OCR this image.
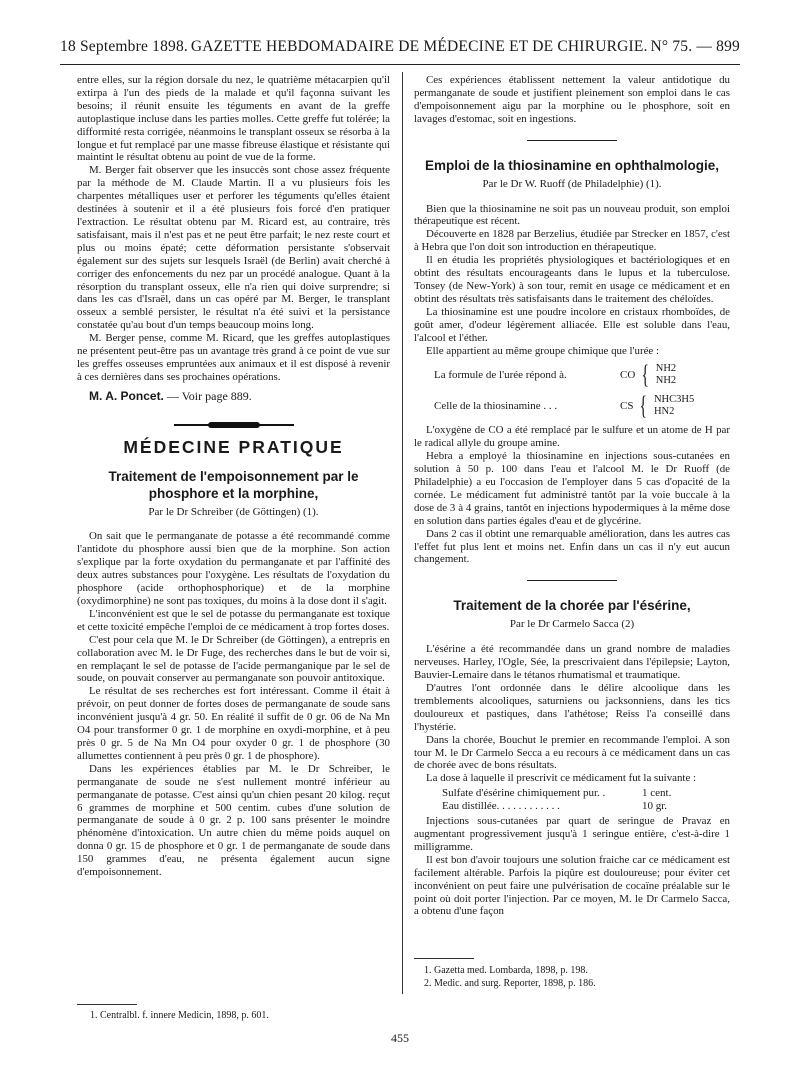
18 Septembre 1898. GAZETTE HEBDOMADAIRE DE MÉDECINE ET DE CHIRURGIE. N° 75. — 899

entre elles, sur la région dorsale du nez, le quatrième métacarpien qu'il extirpa à l'un des pieds de la malade et qu'il façonna suivant les besoins; il réunit ensuite les téguments en avant de la greffe autoplastique incluse dans les parties molles. Cette greffe fut tolérée; la difformité resta corrigée, néanmoins le transplant osseux se résorba à la longue et fut remplacé par une masse fibreuse élastique et résistante qui maintint le résultat obtenu au point de vue de la forme.

M. Berger fait observer que les insuccès sont chose assez fréquente par la méthode de M. Claude Martin. Il a vu plusieurs fois les charpentes métalliques user et perforer les téguments qu'elles étaient destinées à soutenir et il a été plusieurs fois forcé d'en pratiquer l'extraction. Le résultat obtenu par M. Ricard est, au contraire, très satisfaisant, mais il n'est pas et ne peut être parfait; le nez reste court et plus ou moins épaté; cette déformation persistante s'observait également sur des sujets sur lesquels Israël (de Berlin) avait cherché à corriger des enfoncements du nez par un procédé analogue. Quant à la résorption du transplant osseux, elle n'a rien qui doive surprendre; si dans les cas d'Israël, dans un cas opéré par M. Berger, le transplant osseux a semblé persister, le résultat n'a été suivi et la persistance constatée qu'au bout d'un temps beaucoup moins long.

M. Berger pense, comme M. Ricard, que les greffes autoplastiques ne présentent peut-être pas un avantage très grand à ce point de vue sur les greffes osseuses empruntées aux animaux et il est disposé à revenir à ces dernières dans ses prochaines opérations.

M. A. Poncet. — Voir page 889.
MÉDECINE PRATIQUE
Traitement de l'empoisonnement par le phosphore et la morphine,
Par le Dr Schreiber (de Göttingen) (1).

On sait que le permanganate de potasse a été recommandé comme l'antidote du phosphore aussi bien que de la morphine. Son action s'explique par la forte oxydation du permanganate et par l'affinité des deux autres substances pour l'oxygène. Les résultats de l'oxydation du phosphore (acide orthophosphorique) et de la morphine (oxydimorphine) ne sont pas toxiques, du moins à la dose dont il s'agit.

L'inconvénient est que le sel de potasse du permanganate est toxique et cette toxicité empêche l'emploi de ce médicament à trop fortes doses.

C'est pour cela que M. le Dr Schreiber (de Göttingen), a entrepris en collaboration avec M. le Dr Fuge, des recherches dans le but de voir si, en remplaçant le sel de potasse de l'acide permanganique par le sel de soude, on pouvait conserver au permanganate son pouvoir antitoxique.

Le résultat de ses recherches est fort intéressant. Comme il était à prévoir, on peut donner de fortes doses de permanganate de soude sans inconvénient jusqu'à 4 gr. 50. En réalité il suffit de 0 gr. 06 de Na Mn O4 pour transformer 0 gr. 1 de morphine en oxydi-morphine, et à peu près 0 gr. 5 de Na Mn O4 pour oxyder 0 gr. 1 de phosphore (30 allumettes contiennent à peu près 0 gr. 1 de phosphore).

Dans les expériences établies par M. le Dr Schreiber, le permanganate de soude ne s'est nullement montré inférieur au permanganate de potasse. C'est ainsi qu'un chien pesant 20 kilog. reçut 6 grammes de morphine et 500 centim. cubes d'une solution de permanganate de soude à 0 gr. 2 p. 100 sans présenter le moindre phénomène d'intoxication. Un autre chien du même poids auquel on donna 0 gr. 15 de phosphore et 0 gr. 1 de permanganate de soude dans 150 grammes d'eau, ne présenta également aucun signe d'empoisonnement.

1. Centralbl. f. innere Medicin, 1898, p. 601.

Ces expériences établissent nettement la valeur antidotique du permanganate de soude et justifient pleinement son emploi dans le cas d'empoisonnement aigu par la morphine ou le phosphore, soit en lavages d'estomac, soit en ingestions.

Emploi de la thiosinamine en ophthalmologie,
Par le Dr W. Ruoff (de Philadelphie) (1).

Bien que la thiosinamine ne soit pas un nouveau produit, son emploi thérapeutique est récent.

Découverte en 1828 par Berzelius, étudiée par Strecker en 1857, c'est à Hebra que l'on doit son introduction en thérapeutique.

Il en étudia les propriétés physiologiques et bactériologiques et en obtint des résultats encourageants dans le lupus et la tuberculose. Tonsey (de New-York) à son tour, remit en usage ce médicament et en obtint des résultats très satisfaisants dans le traitement des chéloïdes.

La thiosinamine est une poudre incolore en cristaux rhomboïdes, de goût amer, d'odeur légèrement alliacée. Elle est soluble dans l'eau, l'alcool et l'éther.

Elle appartient au même groupe chimique que l'urée :

La formule de l'urée répond à.	CO { NH2
NH2
Celle de la thiosinamine . . .	CS { NHC3H5
HN2

L'oxygène de CO a été remplacé par le sulfure et un atome de H par le radical allyle du groupe amine.

Hebra a employé la thiosinamine en injections sous-cutanées en solution à 50 p. 100 dans l'eau et l'alcool M. le Dr Ruoff (de Philadelphie) a eu l'occasion de l'employer dans 5 cas d'opacité de la cornée. Le médicament fut administré tantôt par la voie buccale à la dose de 3 à 4 grains, tantôt en injections hypodermiques à la même dose en solution dans parties égales d'eau et de glycérine.

Dans 2 cas il obtint une remarquable amélioration, dans les autres cas l'effet fut plus lent et moins net. Enfin dans un cas il n'y eut aucun changement.

Traitement de la chorée par l'ésérine,
Par le Dr Carmelo Sacca (2)

L'ésérine a été recommandée dans un grand nombre de maladies nerveuses. Harley, l'Ogle, Sée, la prescrivaient dans l'épilepsie; Layton, Bauvier-Lemaire dans le tétanos rhumatismal et traumatique.

D'autres l'ont ordonnée dans le délire alcoolique dans les tremblements alcooliques, saturniens ou jacksonniens, dans les tics douloureux et pastiques, dans l'athétose; Reiss l'a conseillé dans l'hystérie.

Dans la chorée, Bouchut le premier en recommande l'emploi. A son tour M. le Dr Carmelo Secca a eu recours à ce médicament dans un cas de chorée avec de bons résultats.

La dose à laquelle il prescrivit ce médicament fut la suivante :

Sulfate d'ésérine chimiquement pur. .	1 cent.
Eau distillée. . . . . . . . . . . .	10 gr.

Injections sous-cutanées par quart de seringue de Pravaz en augmentant progressivement jusqu'à 1 seringue entière, c'est-à-dire 1 milligramme.

Il est bon d'avoir toujours une solution fraiche car ce médicament est facilement altérable. Parfois la piqûre est douloureuse; pour éviter cet inconvénient on peut faire une pulvérisation de cocaïne préalable sur le point où doit porter l'injection. Par ce moyen, M. le Dr Carmelo Sacca, a obtenu d'une façon

1. Gazetta med. Lombarda, 1898, p. 198.
2. Medic. and surg. Reporter, 1898, p. 186.
455
